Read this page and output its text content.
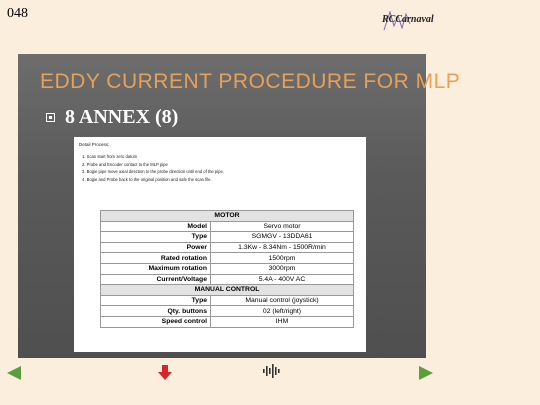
048	RCCarnaval
EDDY CURRENT PROCEDURE FOR MLP
8 ANNEX (8)
Detail Process:
1. Scan start from zero datum
2. Probe and Encoder contact to the MLP pipe
3. Bogie pipe move axial direction to the probe direction until end of the pipe.
4. Bogie and Probe back to the original position and safe the scan file.
MOTOR	
Model	Servo motor
Type	SGMGV - 13DDA61
Power	1.3Kw - 8.34Nm - 1500R/min
Rated rotation	1500rpm
Maximum rotation	3000rpm
Current/Voltage	5.4A - 400V AC
MANUAL CONTROL	
Type	Manual control (joystick)
Qty. buttons	02 (left/right)
Speed control	IHM
